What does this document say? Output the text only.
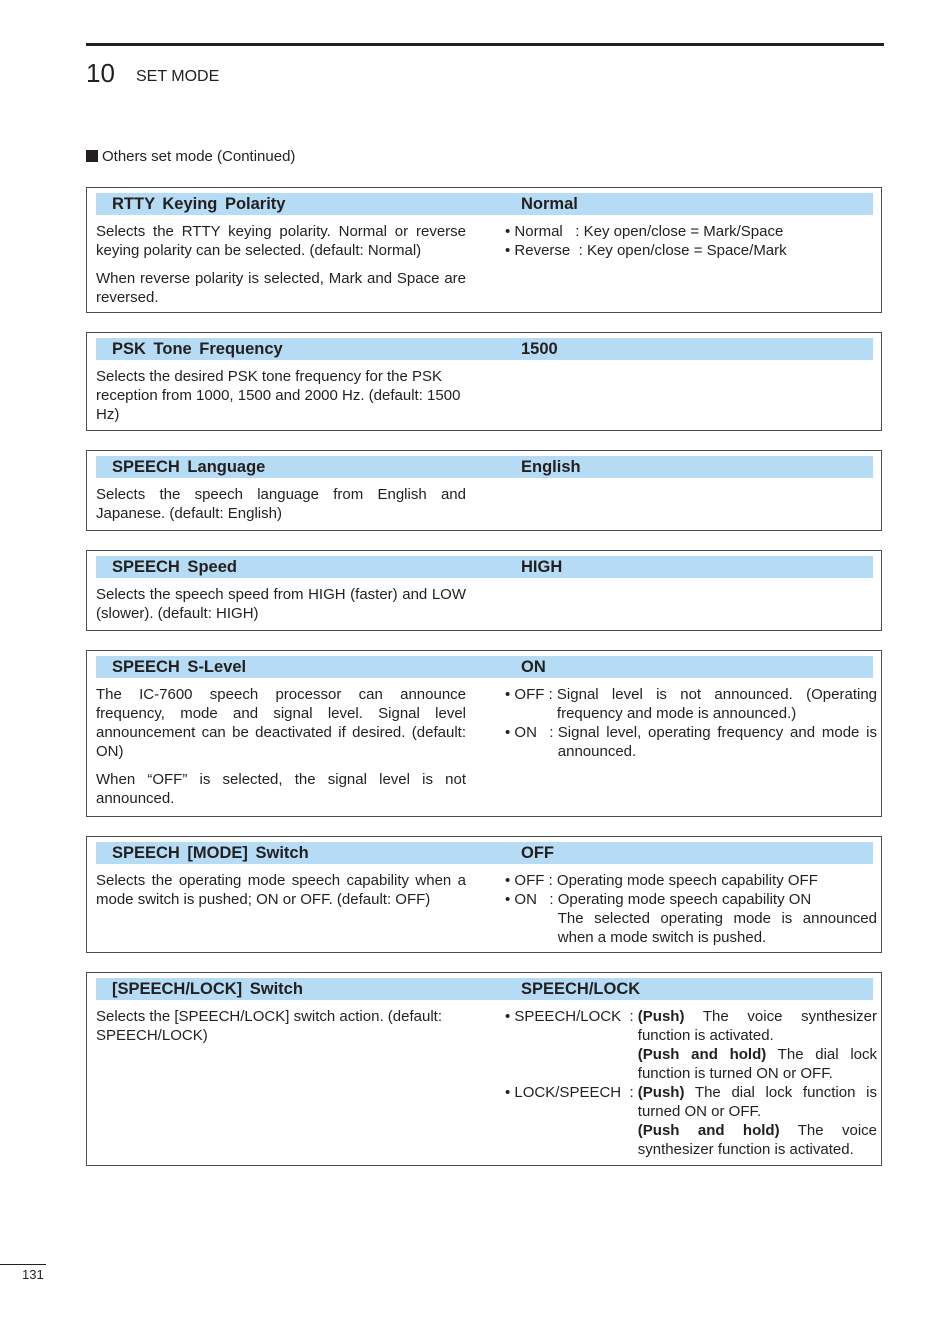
10 SET MODE
Others set mode (Continued)
RTTY Keying Polarity	Normal

Selects the RTTY keying polarity. Normal or reverse keying polarity can be selected. (default: Normal)

When reverse polarity is selected, Mark and Space are reversed.

• Normal   : Key open/close = Mark/Space
• Reverse  : Key open/close = Space/Mark
PSK Tone Frequency	1500

Selects the desired PSK tone frequency for the PSK reception from 1000, 1500 and 2000 Hz. (default: 1500 Hz)

SPEECH Language	English

Selects the speech language from English and Japanese. (default: English)

SPEECH Speed	HIGH

Selects the speech speed from HIGH (faster) and LOW (slower). (default: HIGH)

SPEECH S-Level	ON

The IC-7600 speech processor can announce frequency, mode and signal level. Signal level announcement can be deactivated if desired. (default: ON)

When “OFF” is selected, the signal level is not announced.

• OFF : Signal level is not announced. (Operating frequency and mode is announced.)
• ON   : Signal level, operating frequency and mode is announced.
SPEECH [MODE] Switch	OFF

Selects the operating mode speech capability when a mode switch is pushed; ON or OFF. (default: OFF)

• OFF : Operating mode speech capability OFF
• ON   : Operating mode speech capability ON

The selected operating mode is announced when a mode switch is pushed.

[SPEECH/LOCK] Switch	SPEECH/LOCK

Selects the [SPEECH/LOCK] switch action. (default: SPEECH/LOCK)

• SPEECH/LOCK  : (Push) The voice synthesizer function is activated.

(Push and hold) The dial lock function is turned ON or OFF.

• LOCK/SPEECH  : (Push) The dial lock function is turned ON or OFF.

(Push and hold) The voice synthesizer function is activated.

131
